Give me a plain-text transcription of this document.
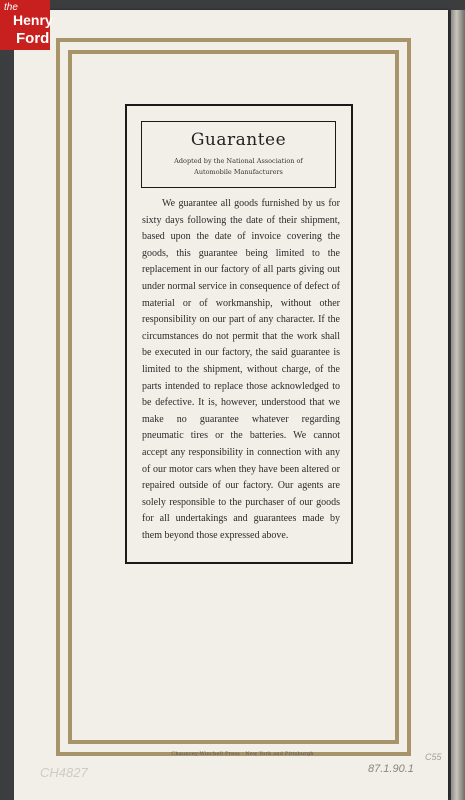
the
Henry
Ford
Guarantee
Adopted by the National Association of
Automobile Manufacturers

We guarantee all goods furnished by us for sixty days following the date of their shipment, based upon the date of invoice covering the goods, this guarantee being limited to the replacement in our factory of all parts giving out under normal service in consequence of defect of material or of workmanship, without other responsibility on our part of any character. If the circumstances do not permit that the work shall be executed in our factory, the said guarantee is limited to the shipment, without charge, of the parts intended to replace those acknowledged to be defective. It is, however, understood that we make no guarantee whatever regarding pneumatic tires or the batteries. We cannot accept any responsibility in connection with any of our motor cars when they have been altered or repaired outside of our factory. Our agents are solely responsible to the purchaser of our goods for all undertakings and guarantees made by them beyond those expressed above.

Chauncey-Winchell Press · New York and Pittsburgh
CH4827	87.1.90.1
C55
